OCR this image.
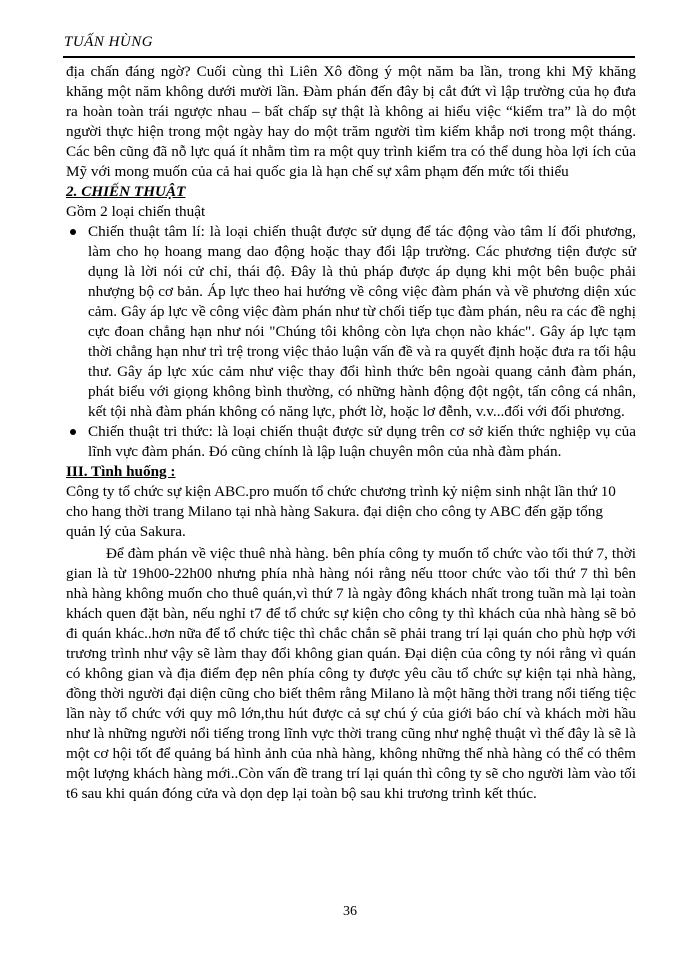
TUẤN HÙNG

địa chấn đáng ngờ? Cuối cùng thì Liên Xô đồng ý một năm ba lần, trong khi Mỹ khăng khăng một năm không dưới mười lần. Đàm phán đến đây bị cắt đứt vì lập trường của họ đưa ra hoàn toàn trái ngược nhau – bất chấp sự thật là không ai hiểu việc “kiểm tra” là do một người thực hiện trong một ngày hay do một trăm người tìm kiếm khắp nơi trong một tháng. Các bên cũng đã nỗ lực quá ít nhằm tìm ra một quy trình kiểm tra có thể dung hòa lợi ích của Mỹ với mong muốn của cả hai quốc gia là hạn chế sự xâm phạm đến mức tối thiểu

2. CHIẾN THUẬT

Gồm 2 loại chiến thuật

Chiến thuật tâm lí: là loại chiến thuật được sử dụng để tác động vào tâm lí đối phương, làm cho họ hoang mang dao động hoặc thay đổi lập trường. Các phương tiện được sử dụng là lời nói cử chỉ, thái độ. Đây là thủ pháp được áp dụng khi một bên buộc phải nhượng bộ cơ bản. Áp lực theo hai hướng về công việc đàm phán và về phương diện xúc cảm. Gây áp lực về công việc đàm phán như từ chối tiếp tục đàm phán, nêu ra các đề nghị cực đoan chẳng hạn như nói "Chúng tôi không còn lựa chọn nào khác". Gây áp lực tạm thời chẳng hạn như trì trệ trong việc thảo luận vấn đề và ra quyết định hoặc đưa ra tối hậu thư. Gây áp lực xúc cảm như việc thay đổi hình thức bên ngoài quang cảnh đàm phán, phát biểu với giọng không bình thường, có những hành động đột ngột, tấn công cá nhân, kết tội nhà đàm phán không có năng lực, phớt lờ, hoặc lơ đễnh, v.v...đối với đối phương.
Chiến thuật tri thức: là loại chiến thuật được sử dụng trên cơ sở kiến thức nghiệp vụ của lĩnh vực đàm phán. Đó cũng chính là lập luận chuyên môn của nhà đàm phán.

III. Tình huống :

Công ty tổ chức sự kiện ABC.pro muốn tổ chức chương trình kỷ niệm sinh nhật lần thứ 10 cho hang thời trang Milano tại nhà hàng Sakura. đại diện cho công ty ABC đến gặp tổng quản lý của Sakura.

Để đàm phán về việc thuê nhà hàng. bên phía công ty muốn tổ chức vào tối thứ 7, thời gian là từ 19h00-22h00 nhưng phía nhà hàng nói rằng nếu ttoor chức vào tối thứ 7 thì bên nhà hàng không muốn cho thuê quán,vì thứ 7 là ngày đông khách nhất trong tuần mà lại toàn khách quen đặt bàn, nếu nghỉ t7 để tổ chức sự kiện cho công ty thì khách của nhà hàng sẽ bỏ đi quán khác..hơn nữa để tổ chức tiệc thì chắc chắn sẽ phải trang trí lại quán cho phù hợp với trương trình như vậy sẽ làm thay đổi không gian quán. Đại diện của công ty nói rằng vì quán có không gian và địa điểm đẹp nên phía công ty được yêu cầu tổ chức sự kiện tại nhà hàng, đồng thời người đại diện cũng cho biết thêm rằng Milano là một hãng thời trang nổi tiếng tiệc lần này tổ chức với quy mô lớn,thu hút được cả sự chú ý của giới báo chí và khách mời hầu như là những người nổi tiếng trong lĩnh vực thời trang cũng như nghệ thuật vì thế đây là sẽ là một cơ hội tốt để quảng bá hình ảnh của nhà hàng, không những thế nhà hàng có thể có thêm một lượng khách hàng mới..Còn vấn đề trang trí lại quán thì công ty sẽ cho người làm vào tối t6 sau khi quán đóng cửa và dọn dẹp lại toàn bộ sau khi trương trình kết thúc.

36
